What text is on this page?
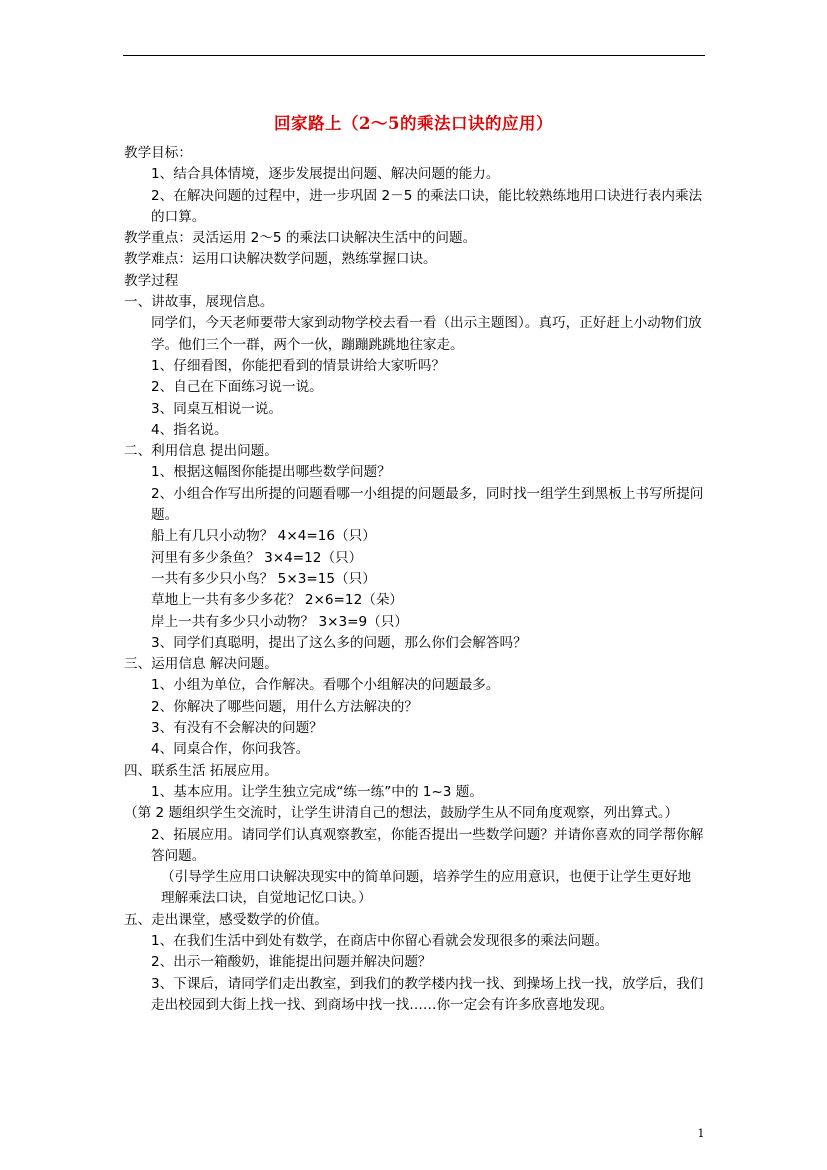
回家路上（2～5的乘法口诀的应用）
教学目标：
1、结合具体情境，逐步发展提出问题、解决问题的能力。
2、在解决问题的过程中，进一步巩固 2－5 的乘法口诀，能比较熟练地用口诀进行表内乘法的口算。
教学重点：灵活运用 2～5 的乘法口诀解决生活中的问题。
教学难点：运用口诀解决数学问题，熟练掌握口诀。
教学过程
一、讲故事，展现信息。
同学们，今天老师要带大家到动物学校去看一看（出示主题图）。真巧，正好赶上小动物们放学。他们三个一群，两个一伙，蹦蹦跳跳地往家走。
1、仔细看图，你能把看到的情景讲给大家听吗？
2、自己在下面练习说一说。
3、同桌互相说一说。
4、指名说。
二、利用信息 提出问题。
1、根据这幅图你能提出哪些数学问题？
2、小组合作写出所提的问题看哪一小组提的问题最多，同时找一组学生到黑板上书写所提问题。
船上有几只小动物？ 4×4=16（只）
河里有多少条鱼？ 3×4=12（只）
一共有多少只小鸟？ 5×3=15（只）
草地上一共有多少多花？ 2×6=12（朵）
岸上一共有多少只小动物？ 3×3=9（只）
3、同学们真聪明，提出了这么多的问题，那么你们会解答吗？
三、运用信息 解决问题。
1、小组为单位，合作解决。看哪个小组解决的问题最多。
2、你解决了哪些问题，用什么方法解决的？
3、有没有不会解决的问题？
4、同桌合作，你问我答。
四、联系生活 拓展应用。
1、基本应用。让学生独立完成“练一练”中的 1~3 题。
（第 2 题组织学生交流时，让学生讲清自己的想法，鼓励学生从不同角度观察，列出算式。）
2、拓展应用。请同学们认真观察教室，你能否提出一些数学问题？并请你喜欢的同学帮你解答问题。
（引导学生应用口诀解决现实中的简单问题，培养学生的应用意识，也便于让学生更好地理解乘法口诀，自觉地记忆口诀。）
五、走出课堂，感受数学的价值。
1、在我们生活中到处有数学，在商店中你留心看就会发现很多的乘法问题。
2、出示一箱酸奶，谁能提出问题并解决问题？
3、下课后，请同学们走出教室，到我们的教学楼内找一找、到操场上找一找，放学后，我们走出校园到大街上找一找、到商场中找一找……你一定会有许多欣喜地发现。
1
